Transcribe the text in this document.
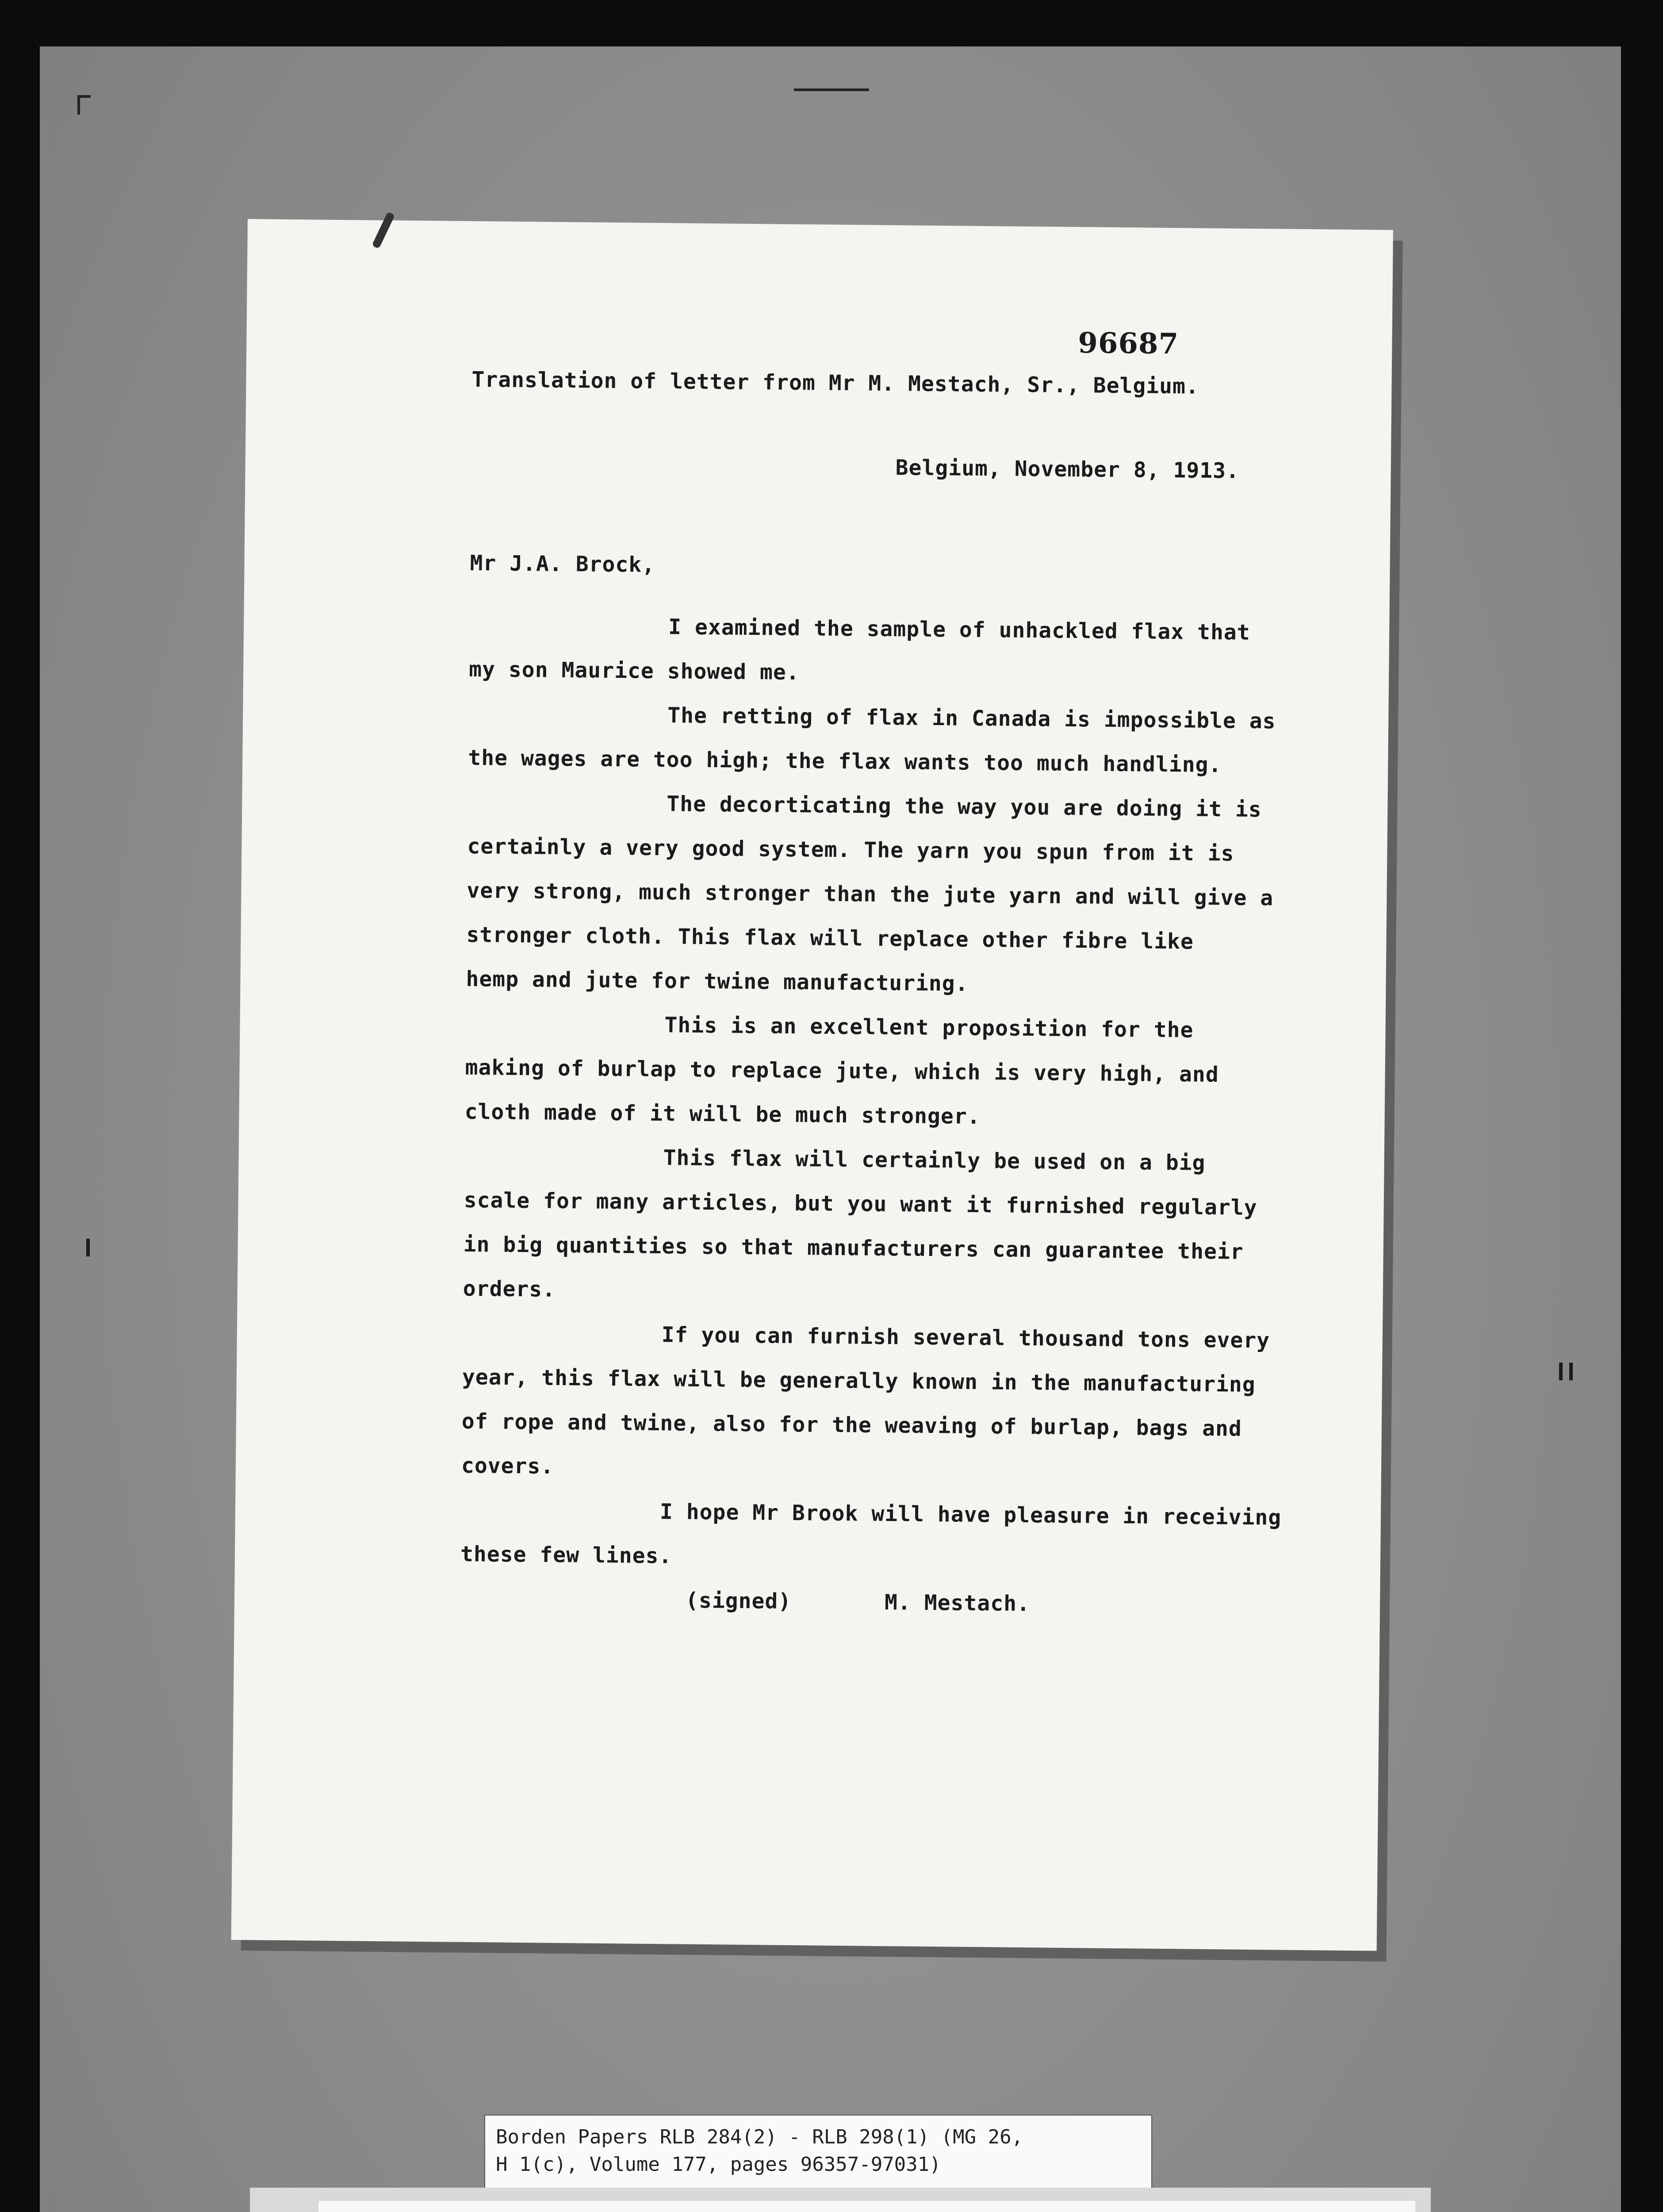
96687
Translation of letter from Mr M. Mestach, Sr., Belgium.
Belgium, November 8, 1913.
Mr J.A. Brock,
I examined the sample of unhackled flax that
my son Maurice showed me.
The retting of flax in Canada is impossible as
the wages are too high; the flax wants too much handling.
The decorticating the way you are doing it is
certainly a very good system. The yarn you spun from it is
very strong, much stronger than the jute yarn and will give a
stronger cloth. This flax will replace other fibre like
hemp and jute for twine manufacturing.
This is an excellent proposition for the
making of burlap to replace jute, which is very high, and
cloth made of it will be much stronger.
This flax will certainly be used on a big
scale for many articles, but you want it furnished regularly
in big quantities so that manufacturers can guarantee their
orders.
If you can furnish several thousand tons every
year, this flax will be generally known in the manufacturing
of rope and twine, also for the weaving of burlap, bags and
covers.
I hope Mr Brook will have pleasure in receiving
these few lines.
(signed)	M. Mestach.
Borden Papers RLB 284(2) - RLB 298(1) (MG 26,
H 1(c), Volume 177, pages 96357-97031)
